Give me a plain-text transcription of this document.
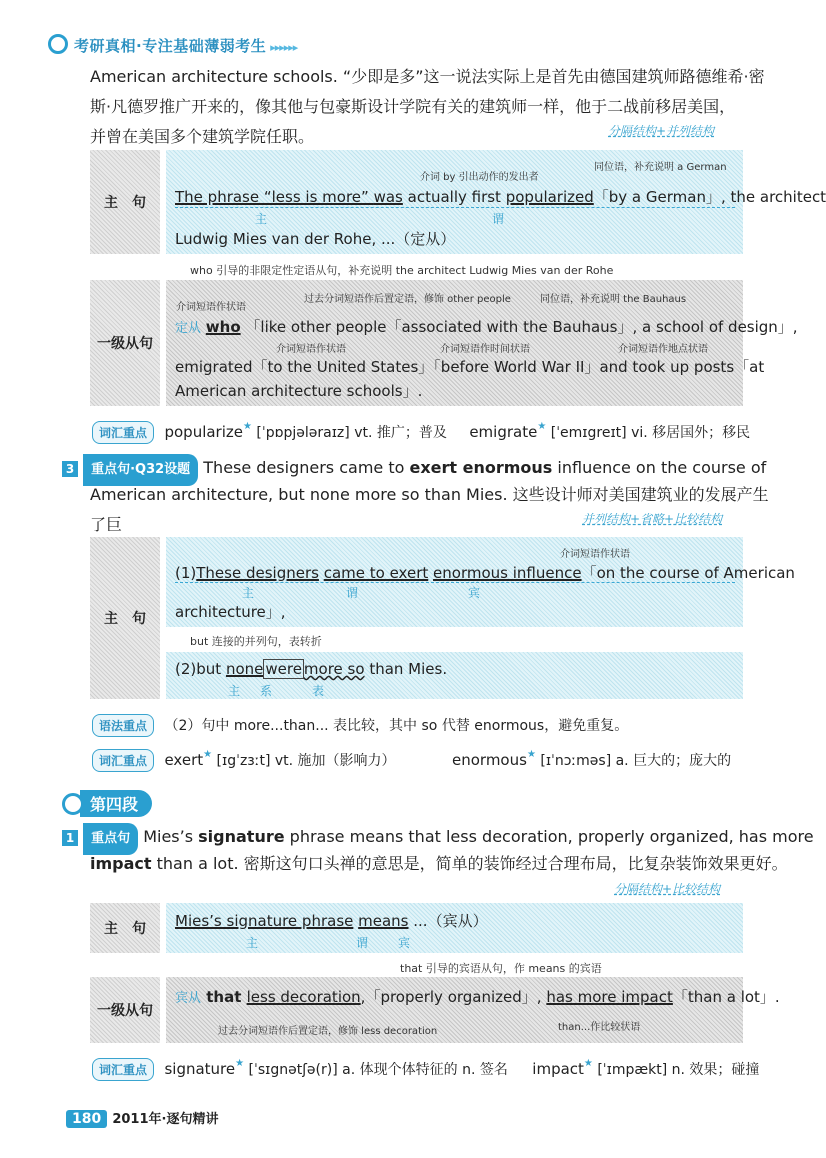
考研真相·专注基础薄弱考生 ▸▸▸▸▸▸
American architecture schools. “少即是多”这一说法实际上是首先由德国建筑师路德维希·密
斯·凡德罗推广开来的，像其他与包豪斯设计学院有关的建筑师一样，他于二战前移居美国，
并曾在美国多个建筑学院任职。	分隔结构+并列结构
主　句
介词 by 引出动作的发出者
同位语，补充说明 a German
The phrase “less is more” was actually first popularized「by a German」, the architect
主	谓
Ludwig Mies van der Rohe, ...（定从）
who 引导的非限定性定语从句，补充说明 the architect Ludwig Mies van der Rohe
一级从句
介词短语作状语
过去分词短语作后置定语，修饰 other people	同位语，补充说明 the Bauhaus
定从 who 「like other people「associated with the Bauhaus」, a school of design」,
介词短语作状语	介词短语作时间状语	介词短语作地点状语
emigrated「to the United States」「before World War II」and took up posts「at
American architecture schools」.
词汇重点 popularize★ [ˈpɒpjələraɪz] vt. 推广；普及 emigrate★ [ˈemɪgreɪt] vi. 移居国外；移民
3 重点句·Q32设题 These designers came to exert enormous influence on the course of
American architecture, but none more so than Mies. 这些设计师对美国建筑业的发展产生了巨	并列结构+省略+比较结构
主　句
介词短语作状语
(1)These designers came to exert enormous influence「on the course of American
主	谓	宾
architecture」,
but 连接的并列句，表转折
(2)but none were more so than Mies.
主 系	表
语法重点 （2）句中 more...than... 表比较，其中 so 代替 enormous，避免重复。
词汇重点 exert★ [ɪgˈzɜːt] vt. 施加（影响力）	enormous★ [ɪˈnɔːməs] a. 巨大的；庞大的
第四段
1 重点句 Mies’s signature phrase means that less decoration, properly organized, has more
impact than a lot. 密斯这句口头禅的意思是，简单的装饰经过合理布局，比复杂装饰效果更好。
分隔结构+比较结构
主　句	Mies’s signature phrase means ...（宾从）
主	谓 宾
that 引导的宾语从句，作 means 的宾语
一级从句
宾从 that less decoration,「properly organized」, has more impact「than a lot」.
过去分词短语作后置定语，修饰 less decoration	than...作比较状语
词汇重点 signature★ [ˈsɪgnətʃə(r)] a. 体现个体特征的 n. 签名 impact★ [ˈɪmpækt] n. 效果；碰撞
180 2011年·逐句精讲
